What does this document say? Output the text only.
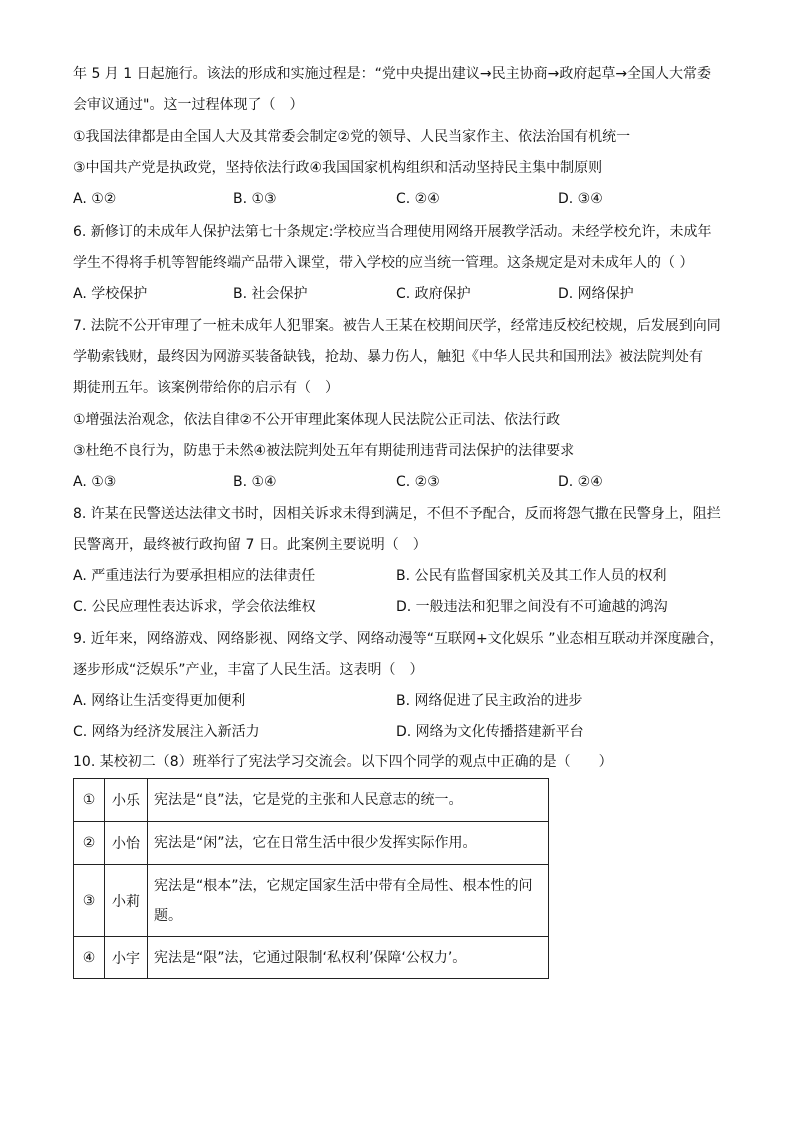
年 5 月 1 日起施行。该法的形成和实施过程是：“党中央提出建议→民主协商→政府起草→全国人大常委
会审议通过"。这一过程体现了（　）
①我国法律都是由全国人大及其常委会制定②党的领导、人民当家作主、依法治国有机统一
③中国共产党是执政党，坚持依法行政④我国国家机构组织和活动坚持民主集中制原则
A. ①②	B. ①③	C. ②④	D. ③④
6. 新修订的未成年人保护法第七十条规定:学校应当合理使用网络开展教学活动。未经学校允许，未成年
学生不得将手机等智能终端产品带入课堂，带入学校的应当统一管理。这条规定是对未成年人的（ ）
A. 学校保护	B. 社会保护	C. 政府保护	D. 网络保护
7. 法院不公开审理了一桩未成年人犯罪案。被告人王某在校期间厌学，经常违反校纪校规，后发展到向同
学勒索钱财，最终因为网游买装备缺钱，抢劫、暴力伤人，触犯《中华人民共和国刑法》被法院判处有
期徒刑五年。该案例带给你的启示有（　）
①增强法治观念，依法自律②不公开审理此案体现人民法院公正司法、依法行政
③杜绝不良行为，防患于未然④被法院判处五年有期徒刑违背司法保护的法律要求
A. ①③	B. ①④	C. ②③	D. ②④
8. 许某在民警送达法律文书时，因相关诉求未得到满足，不但不予配合，反而将怨气撒在民警身上，阻拦
民警离开，最终被行政拘留 7 日。此案例主要说明（　）
A. 严重违法行为要承担相应的法律责任	B. 公民有监督国家机关及其工作人员的权利
C. 公民应理性表达诉求，学会依法维权	D. 一般违法和犯罪之间没有不可逾越的鸿沟
9. 近年来，网络游戏、网络影视、网络文学、网络动漫等“互联网+文化娱乐 ”业态相互联动并深度融合，
逐步形成“泛娱乐”产业，丰富了人民生活。这表明（　）
A. 网络让生活变得更加便利	B. 网络促进了民主政治的进步
C. 网络为经济发展注入新活力	D. 网络为文化传播搭建新平台
10. 某校初二（8）班举行了宪法学习交流会。以下四个同学的观点中正确的是（　　）
①	小乐	宪法是“良”法，它是党的主张和人民意志的统一。
②	小怡	宪法是“闲”法，它在日常生活中很少发挥实际作用。
③	小莉	宪法是“根本”法，它规定国家生活中带有全局性、根本性的问题。
④	小宇	宪法是“限”法，它通过限制‘私权利’保障‘公权力’。
